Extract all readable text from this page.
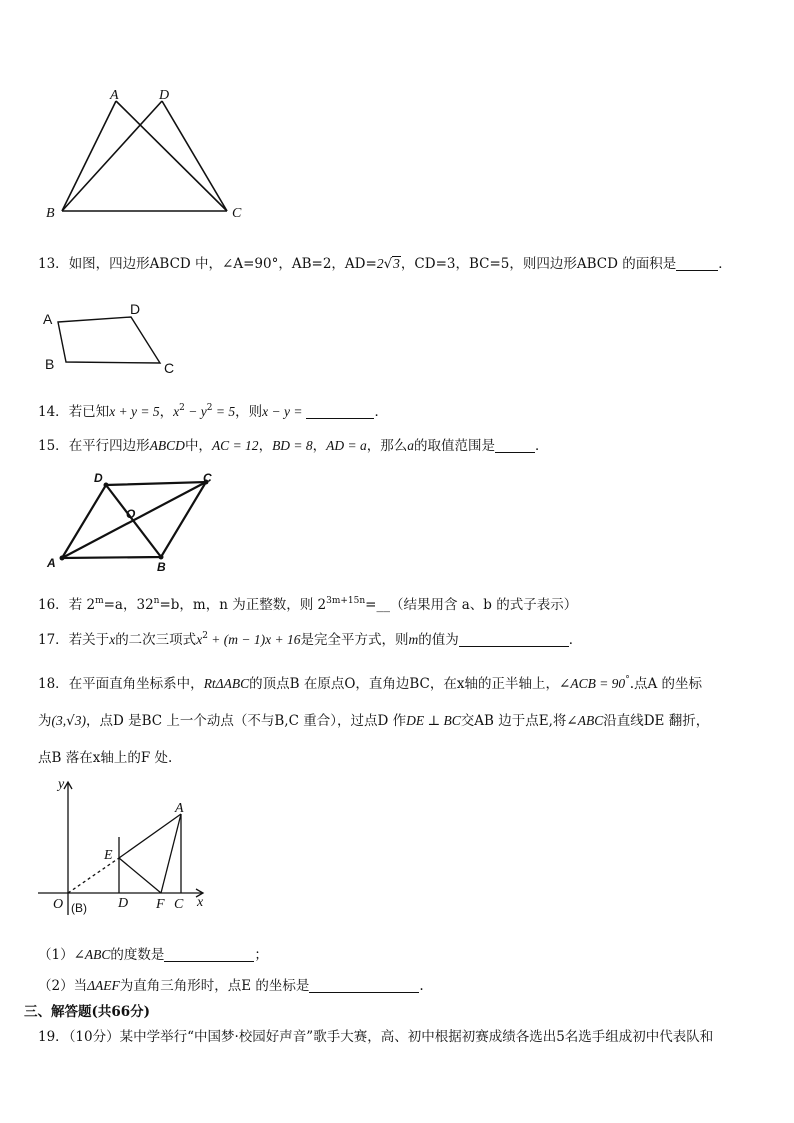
A	D
B	C
13．如图，四边形ABCD 中，∠A=90°，AB=2，AD=2√3，CD=3，BC=5，则四边形ABCD 的面积是	．
A
D
B	C
14．若已知x + y = 5，$x^2 - y^2 = 5$，则x − y =	．
15．在平行四边形ABCD中，AC = 12，BD = 8，AD = a，那么a的取值范围是	．
D	C
O
A	B
16．若 $2^m=a$，$32^n=b$，m，n 为正整数，则 $2^{3m+15n}=\_\_$（结果用含 a、b 的式子表示）
17．若关于x的二次三项式$x^2 + (m - 1)x + 16$是完全平方式，则m的值为	．
18．在平面直角坐标系中，RtΔABC的顶点B 在原点O，直角边BC，在x轴的正半轴上，∠ACB = 90°.点A 的坐标
为(3,√3)，点D 是BC 上一个动点（不与B,C 重合），过点D 作DE ⊥ BC交AB 边于点E,将∠ABC沿直线DE 翻折，
点B 落在x轴上的F 处.
y
x
O (B) D F C
E
A
（1）∠ABC的度数是	；
（2）当ΔAEF为直角三角形时，点E 的坐标是	.
三、解答题(共66分)
19．（10分）某中学举行“中国梦·校园好声音”歌手大赛，高、初中根据初赛成绩各选出5名选手组成初中代表队和
